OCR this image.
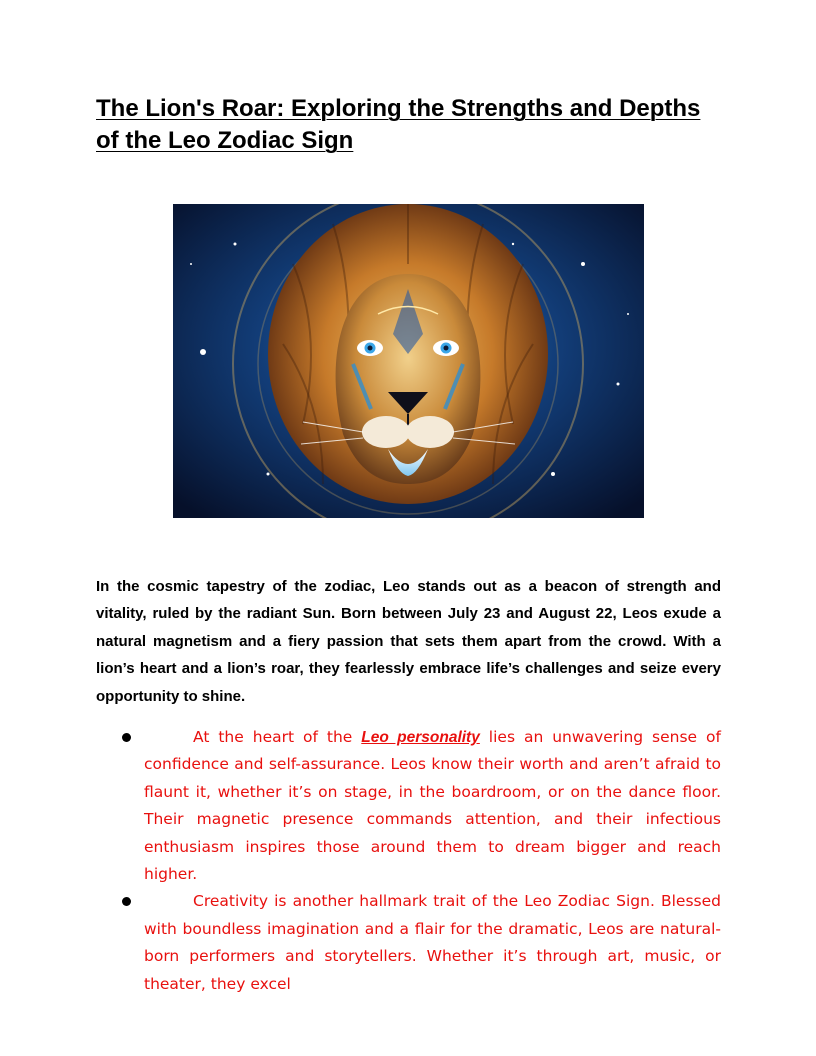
The Lion's Roar: Exploring the Strengths and Depths of the Leo Zodiac Sign

In the cosmic tapestry of the zodiac, Leo stands out as a beacon of strength and vitality, ruled by the radiant Sun. Born between July 23 and August 22, Leos exude a natural magnetism and a fiery passion that sets them apart from the crowd. With a lion’s heart and a lion’s roar, they fearlessly embrace life’s challenges and seize every opportunity to shine.

At the heart of the Leo personality lies an unwavering sense of confidence and self-assurance. Leos know their worth and aren’t afraid to flaunt it, whether it’s on stage, in the boardroom, or on the dance floor. Their magnetic presence commands attention, and their infectious enthusiasm inspires those around them to dream bigger and reach higher.
Creativity is another hallmark trait of the Leo Zodiac Sign. Blessed with boundless imagination and a flair for the dramatic, Leos are natural-born performers and storytellers. Whether it’s through art, music, or theater, they excel
